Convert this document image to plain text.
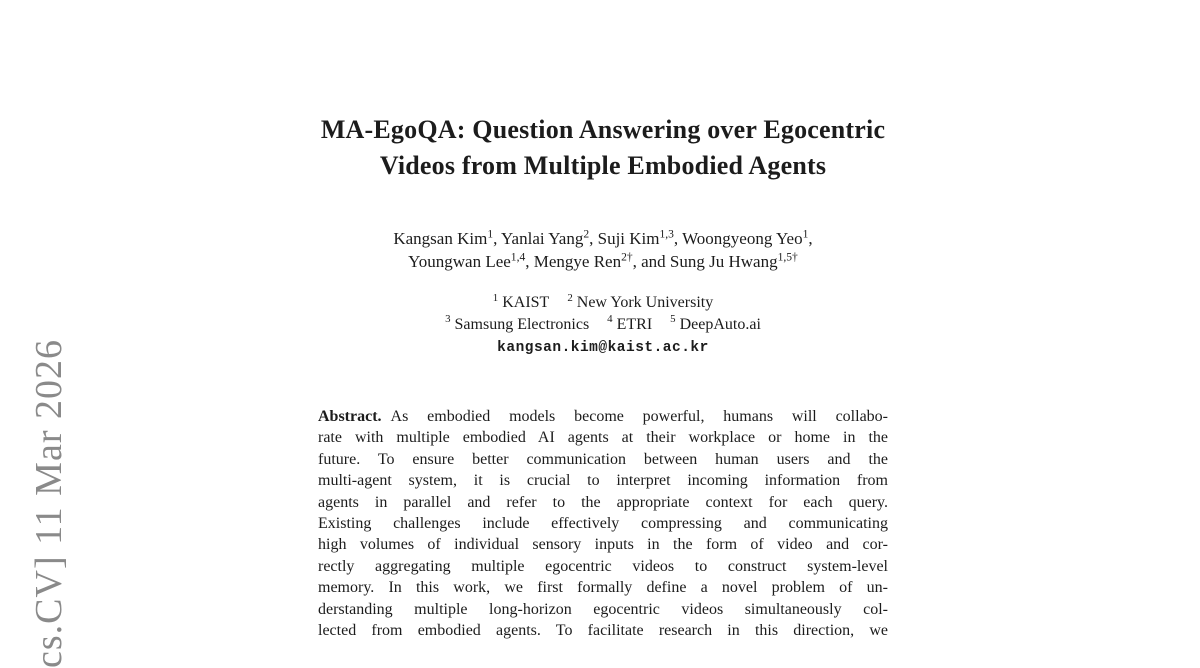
cs.CV] 11 Mar 2026
MA-EgoQA: Question Answering over Egocentric
Videos from Multiple Embodied Agents
Kangsan Kim$^1$, Yanlai Yang$^2$, Suji Kim$^{1,3}$, Woongyeong Yeo$^1$,
Youngwan Lee$^{1,4}$, Mengye Ren$^{2\dagger}$, and Sung Ju Hwang$^{1,5\dagger}$
$^1$ KAIST $^2$ New York University
$^3$ Samsung Electronics $^4$ ETRI $^5$ DeepAuto.ai
kangsan.kim@kaist.ac.kr
Abstract. As embodied models become powerful, humans will collabo-
rate with multiple embodied AI agents at their workplace or home in the
future. To ensure better communication between human users and the
multi-agent system, it is crucial to interpret incoming information from
agents in parallel and refer to the appropriate context for each query.
Existing challenges include effectively compressing and communicating
high volumes of individual sensory inputs in the form of video and cor-
rectly aggregating multiple egocentric videos to construct system-level
memory. In this work, we first formally define a novel problem of un-
derstanding multiple long-horizon egocentric videos simultaneously col-
lected from embodied agents. To facilitate research in this direction, we
